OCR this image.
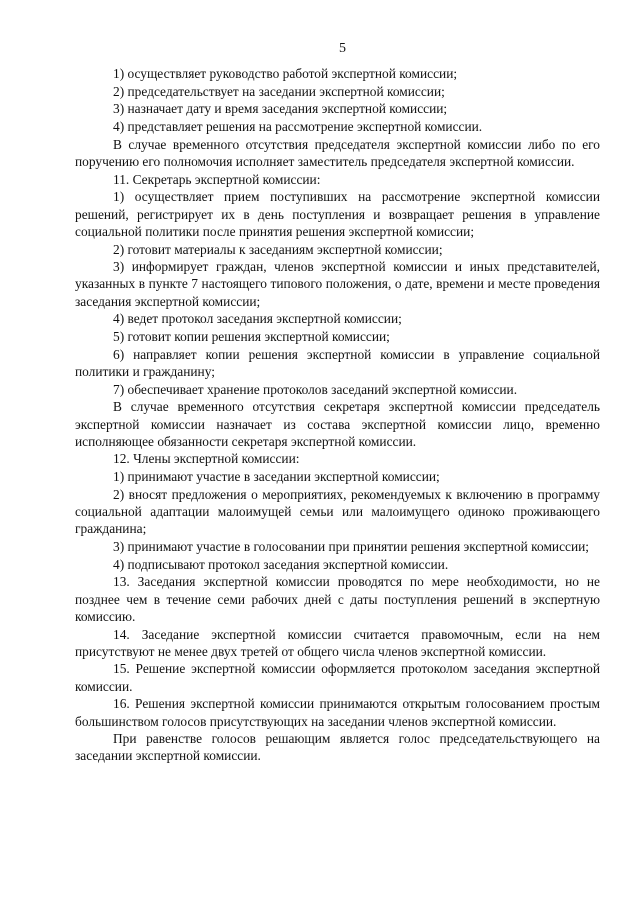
5

1) осуществляет руководство работой экспертной комиссии;

2) председательствует на заседании экспертной комиссии;

3) назначает дату и время заседания экспертной комиссии;

4) представляет решения на рассмотрение экспертной комиссии.

В случае временного отсутствия председателя экспертной комиссии либо по его поручению его полномочия исполняет заместитель председателя экспертной комиссии.

11. Секретарь экспертной комиссии:

1) осуществляет прием поступивших на рассмотрение экспертной комиссии решений, регистрирует их в день поступления и возвращает решения в управление социальной политики после принятия решения экспертной комиссии;

2) готовит материалы к заседаниям экспертной комиссии;

3) информирует граждан, членов экспертной комиссии и иных представителей, указанных в пункте 7 настоящего типового положения, о дате, времени и месте проведения заседания экспертной комиссии;

4) ведет протокол заседания экспертной комиссии;

5) готовит копии решения экспертной комиссии;

6) направляет копии решения экспертной комиссии в управление социальной политики и гражданину;

7) обеспечивает хранение протоколов заседаний экспертной комиссии.

В случае временного отсутствия секретаря экспертной комиссии председатель экспертной комиссии назначает из состава экспертной комиссии лицо, временно исполняющее обязанности секретаря экспертной комиссии.

12. Члены экспертной комиссии:

1) принимают участие в заседании экспертной комиссии;

2) вносят предложения о мероприятиях, рекомендуемых к включению в программу социальной адаптации малоимущей семьи или малоимущего одиноко проживающего гражданина;

3) принимают участие в голосовании при принятии решения экспертной комиссии;

4) подписывают протокол заседания экспертной комиссии.

13. Заседания экспертной комиссии проводятся по мере необходимости, но не позднее чем в течение семи рабочих дней с даты поступления решений в экспертную комиссию.

14. Заседание экспертной комиссии считается правомочным, если на нем присутствуют не менее двух третей от общего числа членов экспертной комиссии.

15. Решение экспертной комиссии оформляется протоколом заседания экспертной комиссии.

16. Решения экспертной комиссии принимаются открытым голосованием простым большинством голосов присутствующих на заседании членов экспертной комиссии.

При равенстве голосов решающим является голос председательствующего на заседании экспертной комиссии.
